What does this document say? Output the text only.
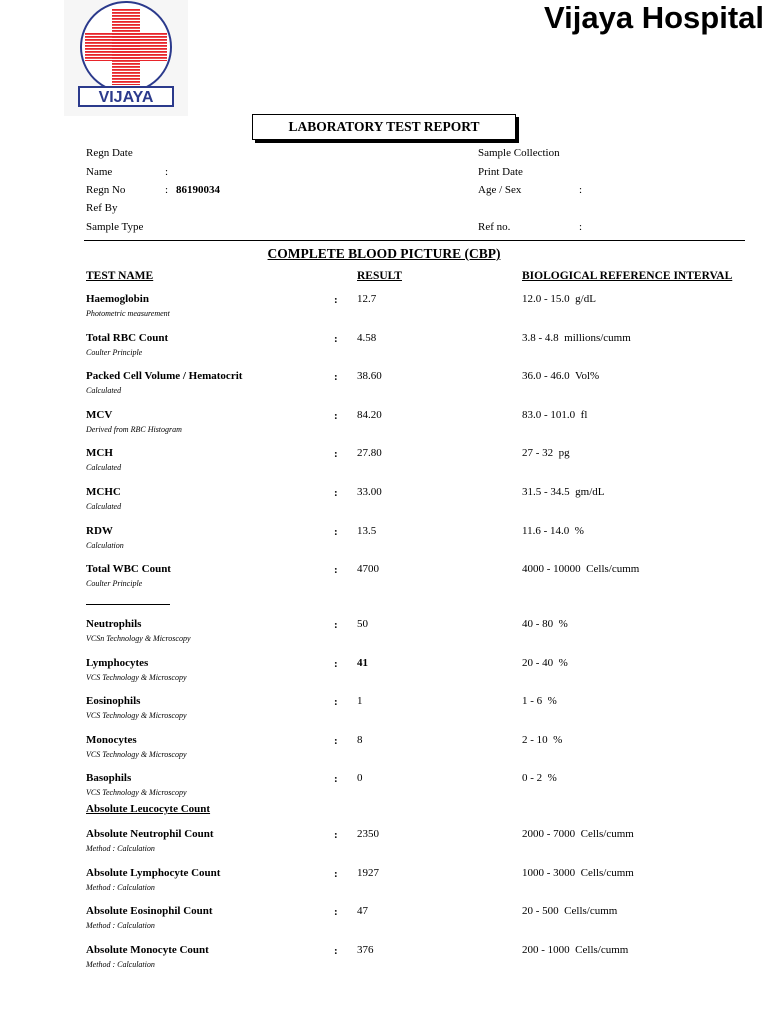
VIJAYA
Vijaya Hospital
LABORATORY TEST REPORT
Regn Date
Name	:
Regn No	: 86190034
Ref By
Sample Type
Sample Collection
Print Date
Age / Sex	:
Ref no.	:
COMPLETE BLOOD PICTURE (CBP)
TEST NAME	RESULT	BIOLOGICAL REFERENCE INTERVAL
Haemoglobin
Photometric measurement
: 12.7	12.0 - 15.0  g/dL
Total RBC Count
Coulter Principle
: 4.58	3.8 - 4.8  millions/cumm
Packed Cell Volume / Hematocrit
Calculated
: 38.60	36.0 - 46.0  Vol%
MCV
Derived from RBC Histogram
: 84.20	83.0 - 101.0  fl
MCH
Calculated
: 27.80	27 - 32  pg
MCHC
Calculated
: 33.00	31.5 - 34.5  gm/dL
RDW
Calculation
: 13.5	11.6 - 14.0  %
Total WBC Count
Coulter Principle
: 4700	4000 - 10000  Cells/cumm
Neutrophils
VCSn Technology & Microscopy
: 50	40 - 80  %
Lymphocytes
VCS Technology & Microscopy
: 41	20 - 40  %
Eosinophils
VCS Technology & Microscopy
: 1	1 - 6  %
Monocytes
VCS Technology & Microscopy
: 8	2 - 10  %
Basophils
VCS Technology & Microscopy
: 0	0 - 2  %
Absolute Neutrophil Count
Method : Calculation
: 2350	2000 - 7000  Cells/cumm
Absolute Lymphocyte Count
Method : Calculation
: 1927	1000 - 3000  Cells/cumm
Absolute Eosinophil Count
Method : Calculation
: 47	20 - 500  Cells/cumm
Absolute Monocyte Count
Method : Calculation
: 376	200 - 1000  Cells/cumm
Absolute Leucocyte Count
